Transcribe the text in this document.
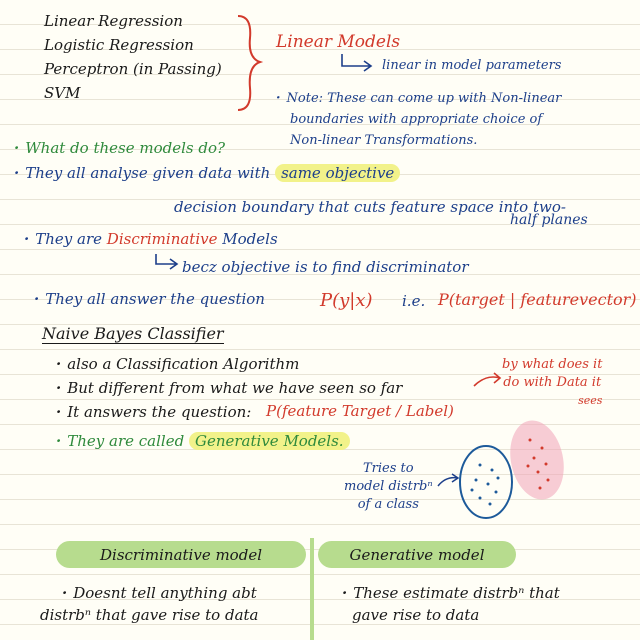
Linear Regression
Logistic Regression
Perceptron (in Passing)
SVM
Linear Models
linear in model parameters
· Note: These can come up with Non-linear
boundaries with appropriate choice of
Non-linear Transformations.
· What do these models do?
· They all analyse given data with same objective
decision boundary that cuts feature space into two-
half planes
· They are Discriminative Models
becz objective is to find discriminator
· They all answer the question	P(y|x) i.e. P(target | featurevector)
Naive Bayes Classifier
· also a Classification Algorithm
· But different from what we have seen so far
· It answers the question: P(feature Target / Label)
· They are called Generative Models.
by what does it
do with Data it
sees
Tries to
model distrbⁿ
of a class
Discriminative model	Generative model
· Doesnt tell anything abt
distrbⁿ that gave rise to data
· These estimate distrbⁿ that
gave rise to data
